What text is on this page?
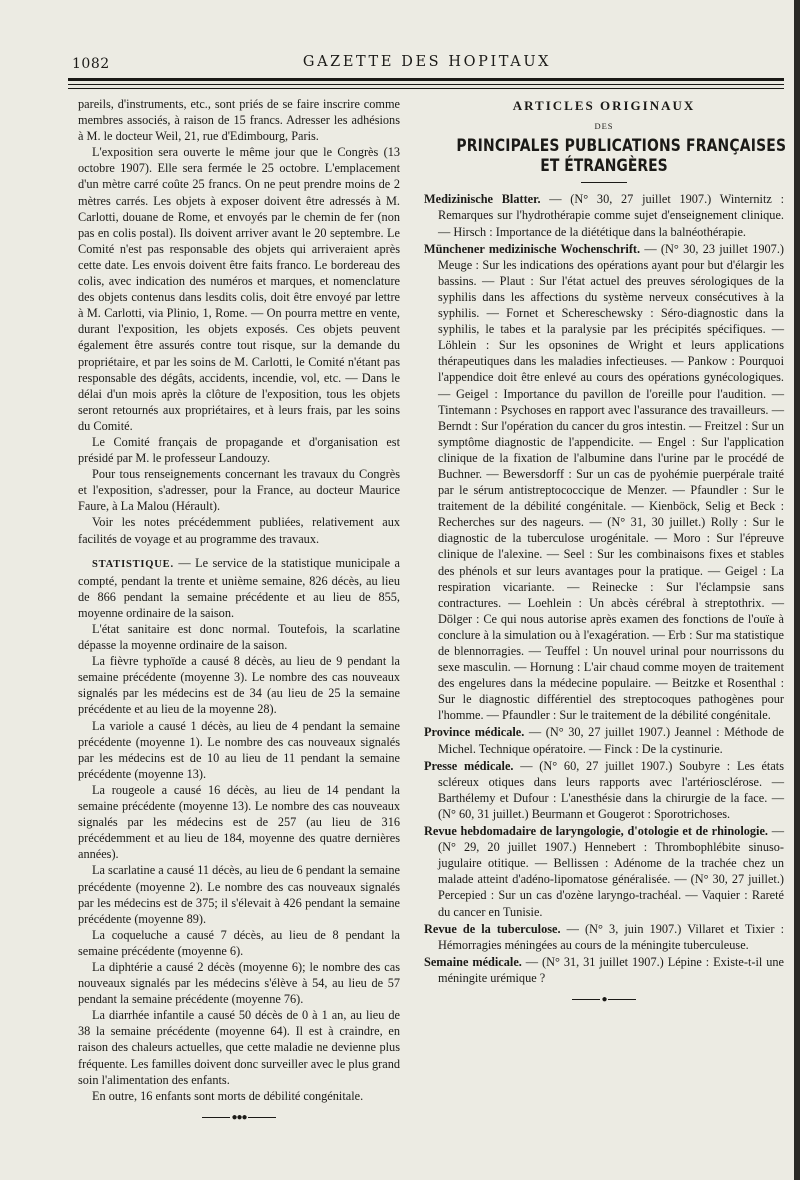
1082	GAZETTE DES HOPITAUX

pareils, d'instruments, etc., sont priés de se faire inscrire comme membres associés, à raison de 15 francs. Adresser les adhésions à M. le docteur Weil, 21, rue d'Edimbourg, Paris.

L'exposition sera ouverte le même jour que le Congrès (13 octobre 1907). Elle sera fermée le 25 octobre. L'emplacement d'un mètre carré coûte 25 francs. On ne peut prendre moins de 2 mètres carrés. Les objets à exposer doivent être adressés à M. Carlotti, douane de Rome, et envoyés par le chemin de fer (non pas en colis postal). Ils doivent arriver avant le 20 septembre. Le Comité n'est pas responsable des objets qui arriveraient après cette date. Les envois doivent être faits franco. Le bordereau des colis, avec indication des numéros et marques, et nomenclature des objets contenus dans lesdits colis, doit être envoyé par lettre à M. Carlotti, via Plinio, 1, Rome. — On pourra mettre en vente, durant l'exposition, les objets exposés. Ces objets peuvent également être assurés contre tout risque, sur la demande du propriétaire, et par les soins de M. Carlotti, le Comité n'étant pas responsable des dégâts, accidents, incendie, vol, etc. — Dans le délai d'un mois après la clôture de l'exposition, tous les objets seront retournés aux propriétaires, et à leurs frais, par les soins du Comité.

Le Comité français de propagande et d'organisation est présidé par M. le professeur Landouzy.

Pour tous renseignements concernant les travaux du Congrès et l'exposition, s'adresser, pour la France, au docteur Maurice Faure, à La Malou (Hérault).

Voir les notes précédemment publiées, relativement aux facilités de voyage et au programme des travaux.

STATISTIQUE. — Le service de la statistique municipale a compté, pendant la trente et unième semaine, 826 décès, au lieu de 866 pendant la semaine précédente et au lieu de 855, moyenne ordinaire de la saison.

L'état sanitaire est donc normal. Toutefois, la scarlatine dépasse la moyenne ordinaire de la saison.

La fièvre typhoïde a causé 8 décès, au lieu de 9 pendant la semaine précédente (moyenne 3). Le nombre des cas nouveaux signalés par les médecins est de 34 (au lieu de 25 la semaine précédente et au lieu de la moyenne 28).

La variole a causé 1 décès, au lieu de 4 pendant la semaine précédente (moyenne 1). Le nombre des cas nouveaux signalés par les médecins est de 10 au lieu de 11 pendant la semaine précédente (moyenne 13).

La rougeole a causé 16 décès, au lieu de 14 pendant la semaine précédente (moyenne 13). Le nombre des cas nouveaux signalés par les médecins est de 257 (au lieu de 316 précédemment et au lieu de 184, moyenne des quatre dernières années).

La scarlatine a causé 11 décès, au lieu de 6 pendant la semaine précédente (moyenne 2). Le nombre des cas nouveaux signalés par les médecins est de 375; il s'élevait à 426 pendant la semaine précédente (moyenne 89).

La coqueluche a causé 7 décès, au lieu de 8 pendant la semaine précédente (moyenne 6).

La diphtérie a causé 2 décès (moyenne 6); le nombre des cas nouveaux signalés par les médecins s'élève à 54, au lieu de 57 pendant la semaine précédente (moyenne 76).

La diarrhée infantile a causé 50 décès de 0 à 1 an, au lieu de 38 la semaine précédente (moyenne 64). Il est à craindre, en raison des chaleurs actuelles, que cette maladie ne devienne plus fréquente. Les familles doivent donc surveiller avec le plus grand soin l'alimentation des enfants.

En outre, 16 enfants sont morts de débilité congénitale.

●●●
ARTICLES ORIGINAUX
DES
PRINCIPALES PUBLICATIONS FRANÇAISES
ET ÉTRANGÈRES

Medizinische Blatter. — (N° 30, 27 juillet 1907.) Winternitz : Remarques sur l'hydrothérapie comme sujet d'enseignement clinique. — Hirsch : Importance de la diététique dans la balnéothérapie.

Münchener medizinische Wochenschrift. — (N° 30, 23 juillet 1907.) Meuge : Sur les indications des opérations ayant pour but d'élargir les bassins. — Plaut : Sur l'état actuel des preuves sérologiques de la syphilis dans les affections du système nerveux consécutives à la syphilis. — Fornet et Schereschewsky : Séro-diagnostic dans la syphilis, le tabes et la paralysie par les précipités spécifiques. — Löhlein : Sur les opsonines de Wright et leurs applications thérapeutiques dans les maladies infectieuses. — Pankow : Pourquoi l'appendice doit être enlevé au cours des opérations gynécologiques. — Geigel : Importance du pavillon de l'oreille pour l'audition. — Tintemann : Psychoses en rapport avec l'assurance des travailleurs. — Berndt : Sur l'opération du cancer du gros intestin. — Freitzel : Sur un symptôme diagnostic de l'appendicite. — Engel : Sur l'application clinique de la fixation de l'albumine dans l'urine par le procédé de Buchner. — Bewersdorff : Sur un cas de pyohémie puerpérale traité par le sérum antistreptococcique de Menzer. — Pfaundler : Sur le traitement de la débilité congénitale. — Kienböck, Selig et Beck : Recherches sur des nageurs. — (N° 31, 30 juillet.) Rolly : Sur le diagnostic de la tuberculose urogénitale. — Moro : Sur l'épreuve clinique de l'alexine. — Seel : Sur les combinaisons fixes et stables des phénols et sur leurs avantages pour la pratique. — Geigel : La respiration vicariante. — Reinecke : Sur l'éclampsie sans contractures. — Loehlein : Un abcès cérébral à streptothrix. — Dölger : Ce qui nous autorise après examen des fonctions de l'ouïe à conclure à la simulation ou à l'exagération. — Erb : Sur ma statistique de blennorragies. — Teuffel : Un nouvel urinal pour nourrissons du sexe masculin. — Hornung : L'air chaud comme moyen de traitement des engelures dans la médecine populaire. — Beitzke et Rosenthal : Sur le diagnostic différentiel des streptocoques pathogènes pour l'homme. — Pfaundler : Sur le traitement de la débilité congénitale.

Province médicale. — (N° 30, 27 juillet 1907.) Jeannel : Méthode de Michel. Technique opératoire. — Finck : De la cystinurie.

Presse médicale. — (N° 60, 27 juillet 1907.) Soubyre : Les états scléreux otiques dans leurs rapports avec l'artériosclérose. — Barthélemy et Dufour : L'anesthésie dans la chirurgie de la face. — (N° 60, 31 juillet.) Beurmann et Gougerot : Sporotrichoses.

Revue hebdomadaire de laryngologie, d'otologie et de rhinologie. — (N° 29, 20 juillet 1907.) Hennebert : Thrombophlébite sinuso-jugulaire otitique. — Bellissen : Adénome de la trachée chez un malade atteint d'adéno-lipomatose généralisée. — (N° 30, 27 juillet.) Percepied : Sur un cas d'ozène laryngo-trachéal. — Vaquier : Rareté du cancer en Tunisie.

Revue de la tuberculose. — (N° 3, juin 1907.) Villaret et Tixier : Hémorragies méningées au cours de la méningite tuberculeuse.

Semaine médicale. — (N° 31, 31 juillet 1907.) Lépine : Existe-t-il une méningite urémique ?

●
